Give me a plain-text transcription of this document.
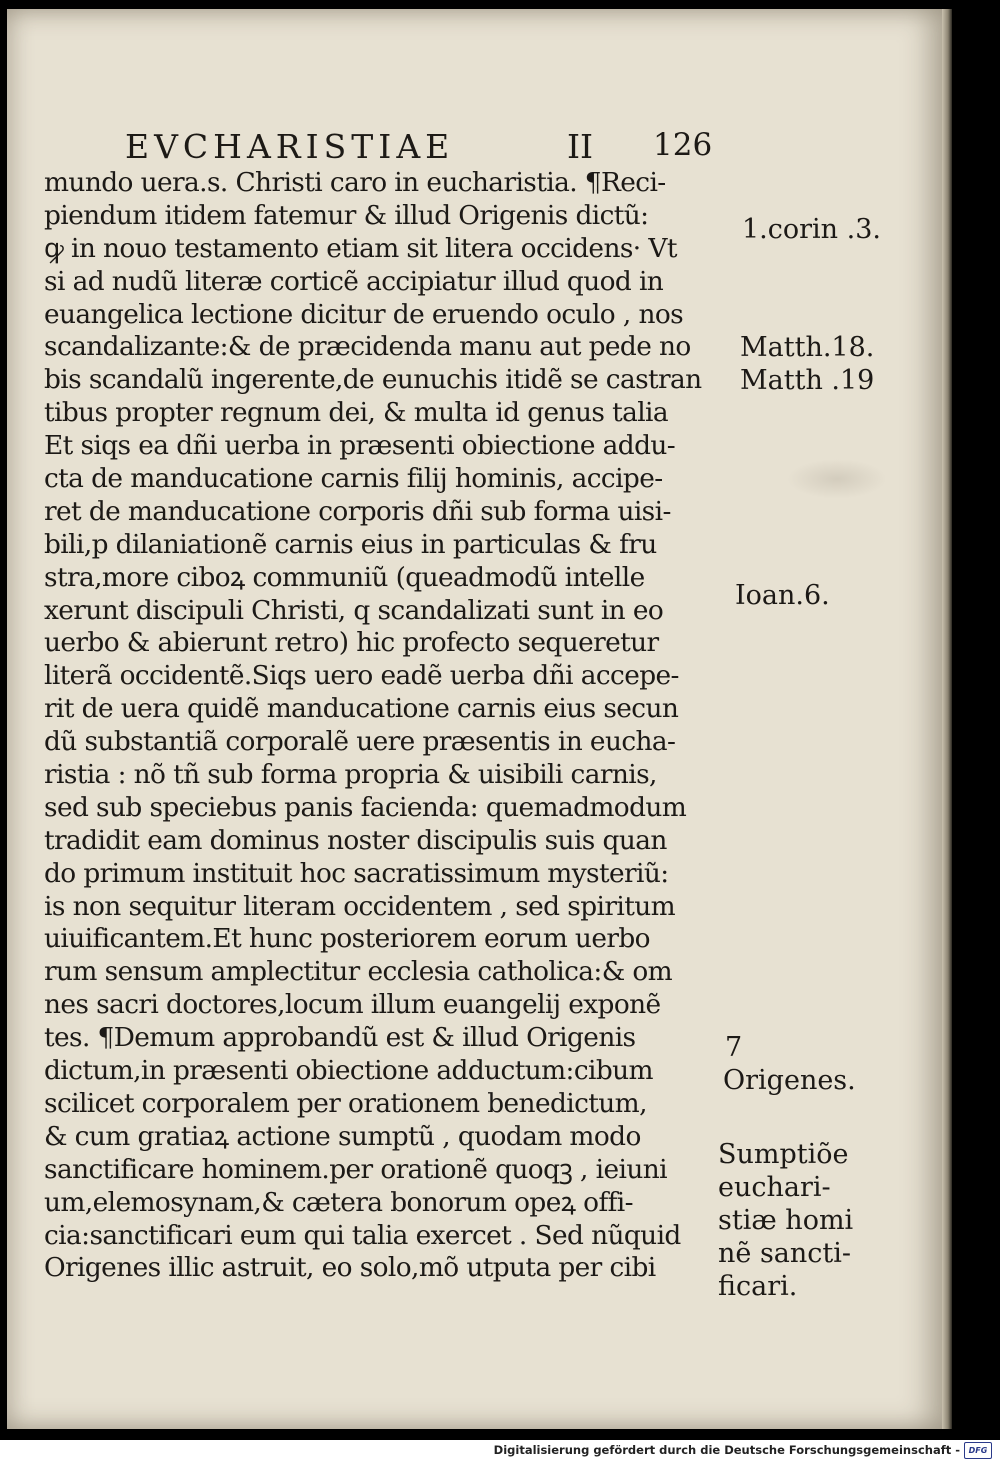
EVCHARISTIAE	II 126
mundo uera.s. Christi caro in eucharistia. ¶Reci-
piendum itidem fatemur & illud Origenis dictũ:
ꝙ in nouo testamento etiam sit litera occidens· Vt
si ad nudũ literæ corticẽ accipiatur illud quod in
euangelica lectione dicitur de eruendo oculo , nos
scandalizante:& de præcidenda manu aut pede no
bis scandalũ ingerente,de eunuchis itidẽ se castran
tibus propter regnum dei, & multa id genus talia
Et siqs ea dñi uerba in præsenti obiectione addu-
cta de manducatione carnis filij hominis, accipe-
ret de manducatione corporis dñi sub forma uisi-
bili,p dilaniationẽ carnis eius in particulas & fru
stra,more ciboꝝ communiũ (queadmodũ intelle
xerunt discipuli Christi, q scandalizati sunt in eo
uerbo & abierunt retro) hic profecto sequeretur
literã occidentẽ.Siqs uero eadẽ uerba dñi accepe-
rit de uera quidẽ manducatione carnis eius secun
dũ substantiã corporalẽ uere præsentis in eucha-
ristia : nõ tñ sub forma propria & uisibili carnis,
sed sub speciebus panis facienda: quemadmodum
tradidit eam dominus noster discipulis suis quan
do primum instituit hoc sacratissimum mysteriũ:
is non sequitur literam occidentem , sed spiritum
uiuificantem.Et hunc posteriorem eorum uerbo
rum sensum amplectitur ecclesia catholica:& om
nes sacri doctores,locum illum euangelij exponẽ
tes. ¶Demum approbandũ est & illud Origenis
dictum,in præsenti obiectione adductum:cibum
scilicet corporalem per orationem benedictum,
& cum gratiaꝝ actione sumptũ , quodam modo
sanctificare hominem.per orationẽ quoqꝫ , ieiuni
um,elemosynam,& cætera bonorum opeꝝ offi-
cia:sanctificari eum qui talia exercet . Sed nũquid
Origenes illic astruit, eo solo,mõ utputa per cibi
1.corin .3.
Matth.18.
Matth .19
Ioan.6.
7
Origenes.
Sumptiõe
euchari-
stiæ homi
nẽ sancti-
ficari.
Digitalisierung gefördert durch die Deutsche Forschungsgemeinschaft -	DFG
